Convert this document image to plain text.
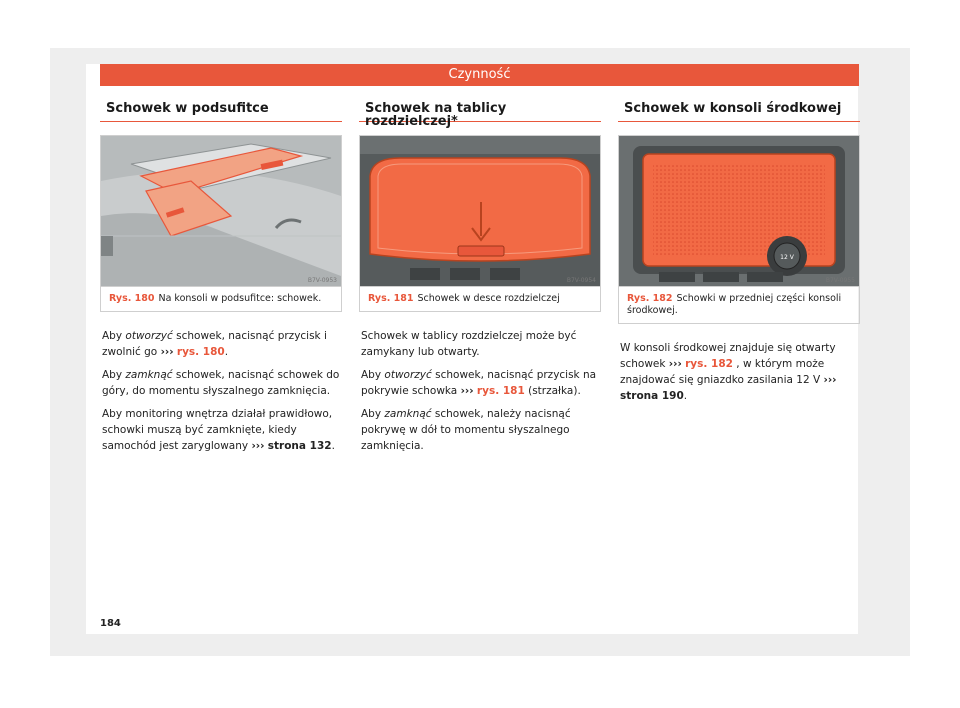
Czynność
Schowek w podsufitce
B7V-0953
Rys. 180 Na konsoli w podsufitce: schowek.

Aby otworzyć schowek, nacisnąć przycisk i zwolnić go ››› rys. 180.

Aby zamknąć schowek, nacisnąć schowek do góry, do momentu słyszalnego zamknięcia.

Aby monitoring wnętrza działał prawidłowo, schowki muszą być zamknięte, kiedy samochód jest zaryglowany ››› strona 132.

Schowek na tablicy rozdzielczej*
B7V-0954
Rys. 181 Schowek w desce rozdzielczej

Schowek w tablicy rozdzielczej może być zamykany lub otwarty.

Aby otworzyć schowek, nacisnąć przycisk na pokrywie schowka ››› rys. 181 (strzałka).

Aby zamknąć schowek, należy nacisnąć pokrywę w dół to momentu słyszalnego zamknięcia.

Schowek w konsoli środkowej
12 V
B7V-0955
Rys. 182 Schowki w przedniej części konsoli środkowej.

W konsoli środkowej znajduje się otwarty schowek ››› rys. 182 , w którym może znajdować się gniazdko zasilania 12 V ››› strona 190.

184
